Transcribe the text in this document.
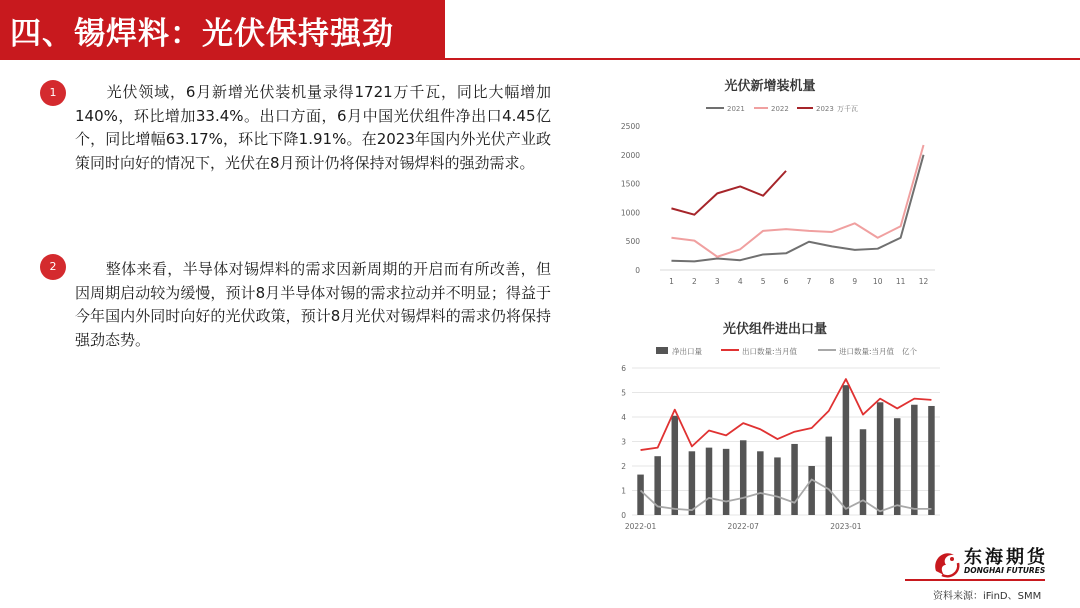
四、锡焊料：光伏保持强劲
1	　　光伏领域，6月新增光伏装机量录得1721万千瓦，同比大幅增加140%，环比增加33.4%。出口方面，6月中国光伏组件净出口4.45亿个，同比增幅63.17%，环比下降1.91%。在2023年国内外光伏产业政策同时向好的情况下，光伏在8月预计仍将保持对锡焊料的强劲需求。
2	　　整体来看，半导体对锡焊料的需求因新周期的开启而有所改善，但因周期启动较为缓慢，预计8月半导体对锡的需求拉动并不明显；得益于今年国内外同时向好的光伏政策，预计8月光伏对锡焊料的需求仍将保持强劲态势。
光伏新增装机量
2021	2022	2023 万千瓦
0
500
1000
1500
2000
2500
1 2 3 4 5 6 7 8 9 10 11 12
光伏组件进出口量
净出口量	出口数量:当月值	进口数量:当月值 亿个
0
1
2
3
4
5
6
2022-01	2022-07	2023-01
东海期货
DONGHAI FUTURES
资料来源：iFinD、SMM
